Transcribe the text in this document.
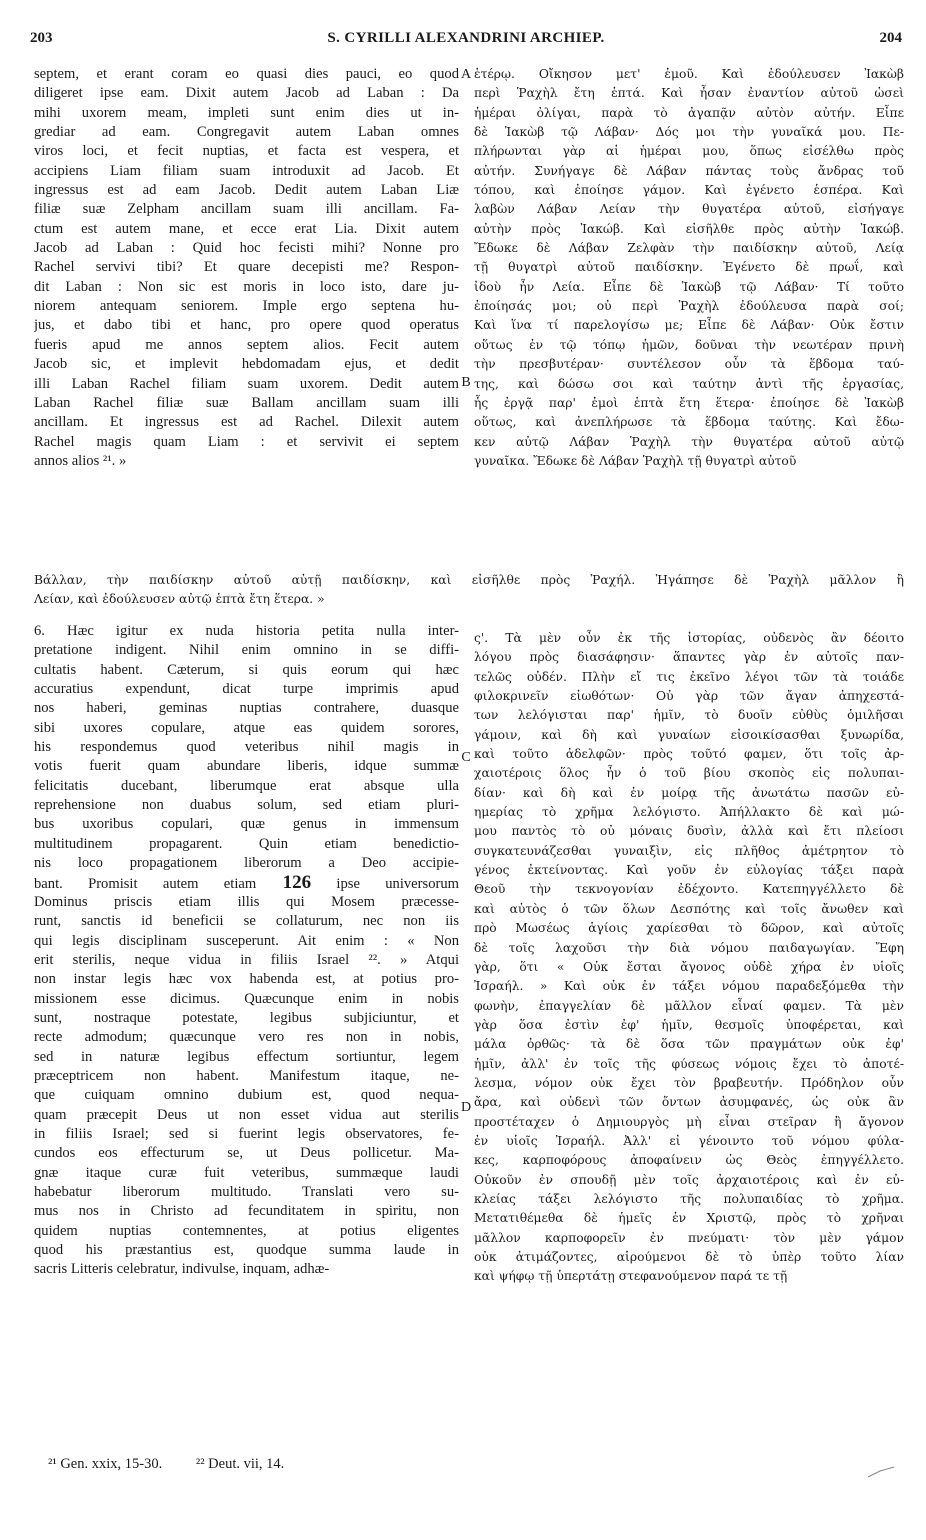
203	S. CYRILLI ALEXANDRINI ARCHIEP.	204
septem, et erant coram eo quasi dies pauci, eo quod
diligeret ipse eam. Dixit autem Jacob ad Laban : Da
mihi uxorem meam, impleti sunt enim dies ut in-
grediar ad eam. Congregavit autem Laban omnes
viros loci, et fecit nuptias, et facta est vespera, et
accipiens Liam filiam suam introduxit ad Jacob. Et
ingressus est ad eam Jacob. Dedit autem Laban Liæ
filiæ suæ Zelpham ancillam suam illi ancillam. Fa-
ctum est autem mane, et ecce erat Lia. Dixit autem
Jacob ad Laban : Quid hoc fecisti mihi? Nonne pro
Rachel servivi tibi? Et quare decepisti me? Respon-
dit Laban : Non sic est moris in loco isto, dare ju-
niorem antequam seniorem. Imple ergo septena hu-
jus, et dabo tibi et hanc, pro opere quod operatus
fueris apud me annos septem alios. Fecit autem
Jacob sic, et implevit hebdomadam ejus, et dedit
illi Laban Rachel filiam suam uxorem. Dedit autem
Laban Rachel filiæ suæ Ballam ancillam suam illi
ancillam. Et ingressus est ad Rachel. Dilexit autem
Rachel magis quam Liam : et servivit ei septem
annos alios ²¹. »
ἑτέρῳ. Οἴκησον μετ' ἐμοῦ. Καὶ ἐδούλευσεν Ἰακὼβ
περὶ Ῥαχὴλ ἔτη ἑπτά. Καὶ ἦσαν ἐναντίον αὐτοῦ ὡσεὶ
ἡμέραι ὀλίγαι, παρὰ τὸ ἀγαπᾷν αὐτὸν αὐτήν. Εἶπε
δὲ Ἰακὼβ τῷ Λάβαν· Δός μοι τὴν γυναῖκά μου. Πε-
πλήρωνται γὰρ αἱ ἡμέραι μου, ὅπως εἰσέλθω πρὸς
αὐτήν. Συνήγαγε δὲ Λάβαν πάντας τοὺς ἄνδρας τοῦ
τόπου, καὶ ἐποίησε γάμον. Καὶ ἐγένετο ἑσπέρα. Καὶ
λαβὼν Λάβαν Λείαν τὴν θυγατέρα αὐτοῦ, εἰσήγαγε
αὐτὴν πρὸς Ἰακώβ. Καὶ εἰσῆλθε πρὸς αὐτὴν Ἰακώβ.
Ἔδωκε δὲ Λάβαν Ζελφὰν τὴν παιδίσκην αὐτοῦ, Λείᾳ
τῇ θυγατρὶ αὐτοῦ παιδίσκην. Ἐγένετο δὲ πρωΐ, καὶ
ἰδοὺ ἦν Λεία. Εἶπε δὲ Ἰακὼβ τῷ Λάβαν· Τί τοῦτο
ἐποίησάς μοι; οὐ περὶ Ῥαχὴλ ἐδούλευσα παρὰ σοί;
Καὶ ἵνα τί παρελογίσω με; Εἶπε δὲ Λάβαν· Οὐκ ἔστιν
οὕτως ἐν τῷ τόπῳ ἡμῶν, δοῦναι τὴν νεωτέραν πρινὴ
τὴν πρεσβυτέραν· συντέλεσον οὖν τὰ ἕβδομα ταύ-
της, καὶ δώσω σοι καὶ ταύτην ἀντὶ τῆς ἐργασίας,
ἧς ἐργᾷ παρ' ἐμοὶ ἑπτὰ ἔτη ἕτερα· ἐποίησε δὲ Ἰακὼβ
οὕτως, καὶ ἀνεπλήρωσε τὰ ἕβδομα ταύτης. Καὶ ἔδω-
κεν αὐτῷ Λάβαν Ῥαχὴλ τὴν θυγατέρα αὐτοῦ αὐτῷ
γυναῖκα. Ἔδωκε δὲ Λάβαν Ῥαχὴλ τῇ θυγατρὶ αὐτοῦ
Βάλλαν, τὴν παιδίσκην αὐτοῦ αὐτῇ παιδίσκην, καὶ εἰσῆλθε πρὸς Ῥαχήλ. Ἠγάπησε δὲ Ῥαχὴλ μᾶλλον ἢ
Λείαν, καὶ ἐδούλευσεν αὐτῷ ἑπτὰ ἔτη ἕτερα. »
6. Hæc igitur ex nuda historia petita nulla inter-
pretatione indigent. Nihil enim omnino in se diffi-
cultatis habent. Cæterum, si quis eorum qui hæc
accuratius expendunt, dicat turpe imprimis apud
nos haberi, geminas nuptias contrahere, duasque
sibi uxores copulare, atque eas quidem sorores,
his respondemus quod veteribus nihil magis in
votis fuerit quam abundare liberis, idque summæ
felicitatis ducebant, liberumque erat absque ulla
reprehensione non duabus solum, sed etiam pluri-
bus uxoribus copulari, quæ genus in immensum
multitudinem propagarent. Quin etiam benedictio-
nis loco propagationem liberorum a Deo accipie-
bant. Promisit autem etiam 126 ipse universorum
Dominus priscis etiam illis qui Mosem præcesse-
runt, sanctis id beneficii se collaturum, nec non iis
qui legis disciplinam susceperunt. Ait enim : « Non
erit sterilis, neque vidua in filiis Israel ²². » Atqui
non instar legis hæc vox habenda est, at potius pro-
missionem esse dicimus. Quæcunque enim in nobis
sunt, nostraque potestate, legibus subjiciuntur, et
recte admodum; quæcunque vero res non in nobis,
sed in naturæ legibus effectum sortiuntur, legem
præceptricem non habent. Manifestum itaque, ne-
que cuiquam omnino dubium est, quod nequa-
quam præcepit Deus ut non esset vidua aut sterilis
in filiis Israel; sed si fuerint legis observatores, fe-
cundos eos effecturum se, ut Deus pollicetur. Ma-
gnæ itaque curæ fuit veteribus, summæque laudi
habebatur liberorum multitudo. Translati vero su-
mus nos in Christo ad fecunditatem in spiritu, non
quidem nuptias contemnentes, at potius eligentes
quod his præstantius est, quodque summa laude in
sacris Litteris celebratur, indivulse, inquam, adhæ-
ς'. Τὰ μὲν οὖν ἐκ τῆς ἱστορίας, οὐδενὸς ἂν δέοιτο
λόγου πρὸς διασάφησιν· ἅπαντες γὰρ ἐν αὐτοῖς παν-
τελῶς οὐδέν. Πλὴν εἴ τις ἐκεῖνο λέγοι τῶν τὰ τοιάδε
φιλοκρινεῖν εἰωθότων· Οὐ γὰρ τῶν ἄγαν ἀπηχεστά-
των λελόγισται παρ' ἡμῖν, τὸ δυοῖν εὐθὺς ὁμιλῆσαι
γάμοιν, καὶ δὴ καὶ γυναίων εἰσοικίσασθαι ξυνωρίδα,
καὶ τοῦτο ἀδελφῶν· πρὸς τοῦτό φαμεν, ὅτι τοῖς ἀρ-
χαιοτέροις ὅλος ἦν ὁ τοῦ βίου σκοπὸς εἰς πολυπαι-
δίαν· καὶ δὴ καὶ ἐν μοίρᾳ τῆς ἀνωτάτω πασῶν εὐ-
ημερίας τὸ χρῆμα λελόγιστο. Ἀπήλλακτο δὲ καὶ μώ-
μου παντὸς τὸ οὐ μόναις δυσὶν, ἀλλὰ καὶ ἔτι πλείοσι
συγκατευνάζεσθαι γυναιξὶν, εἰς πλῆθος ἀμέτρητον τὸ
γένος ἐκτείνοντας. Καὶ γοῦν ἐν εὐλογίας τάξει παρὰ
Θεοῦ τὴν τεκνογονίαν ἐδέχοντο. Κατεπηγγέλλετο δὲ
καὶ αὐτὸς ὁ τῶν ὅλων Δεσπότης καὶ τοῖς ἄνωθεν καὶ
πρὸ Μωσέως ἁγίοις χαρίεσθαι τὸ δῶρον, καὶ αὐτοῖς
δὲ τοῖς λαχοῦσι τὴν διὰ νόμου παιδαγωγίαν. Ἔφη
γὰρ, ὅτι « Οὐκ ἔσται ἄγονος οὐδὲ χήρα ἐν υἱοῖς
Ἰσραήλ. » Καὶ οὐκ ἐν τάξει νόμου παραδεξόμεθα τὴν
φωνὴν, ἐπαγγελίαν δὲ μᾶλλον εἶναί φαμεν. Τὰ μὲν
γὰρ ὅσα ἐστὶν ἐφ' ἡμῖν, θεσμοῖς ὑποφέρεται, καὶ
μάλα ὀρθῶς· τὰ δὲ ὅσα τῶν πραγμάτων οὐκ ἐφ'
ἡμῖν, ἀλλ' ἐν τοῖς τῆς φύσεως νόμοις ἔχει τὸ ἀποτέ-
λεσμα, νόμον οὐκ ἔχει τὸν βραβευτήν. Πρόδηλον οὖν
ἄρα, καὶ οὐδενὶ τῶν ὄντων ἀσυμφανές, ὡς οὐκ ἂν
προστέταχεν ὁ Δημιουργὸς μὴ εἶναι στεῖραν ἢ ἄγονον
ἐν υἱοῖς Ἰσραήλ. Ἀλλ' εἰ γένοιντο τοῦ νόμου φύλα-
κες, καρποφόρους ἀποφαίνειν ὡς Θεὸς ἐπηγγέλλετο.
Οὐκοῦν ἐν σπουδῇ μὲν τοῖς ἀρχαιοτέροις καὶ ἐν εὐ-
κλείας τάξει λελόγιστο τῆς πολυπαιδίας τὸ χρῆμα.
Μετατιθέμεθα δὲ ἡμεῖς ἐν Χριστῷ, πρὸς τὸ χρῆναι
μᾶλλον καρποφορεῖν ἐν πνεύματι· τὸν μὲν γάμον
οὐκ ἀτιμάζοντες, αἱρούμενοι δὲ τὸ ὑπὲρ τοῦτο λίαν
καὶ ψήφῳ τῇ ὑπερτάτῃ στεφανούμενον παρά τε τῇ
A
B
C
D
²¹ Gen. xxix, 15-30. ²² Deut. vii, 14.
